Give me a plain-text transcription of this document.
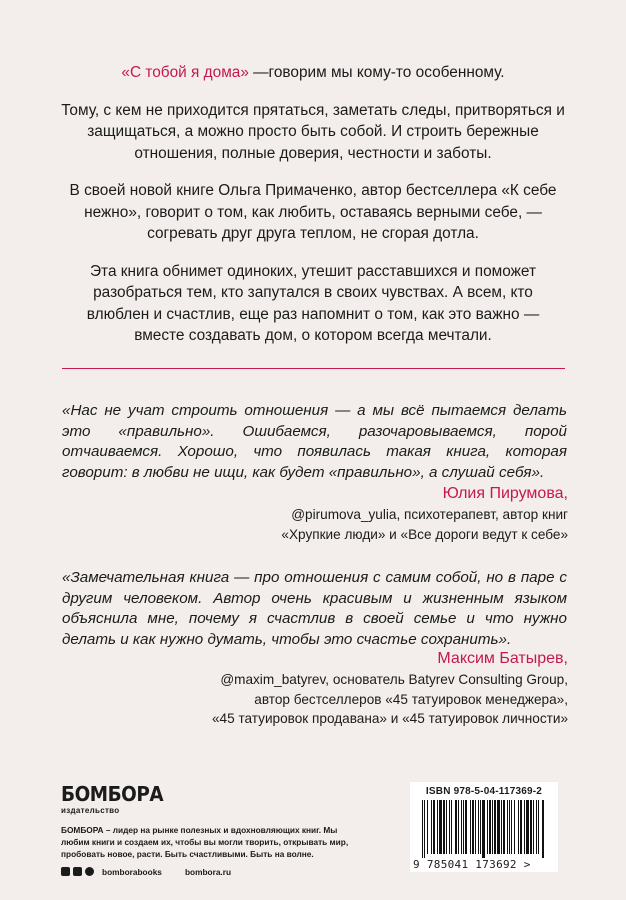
«С тобой я дома» —говорим мы кому-то особенному.

Тому, с кем не приходится прятаться, заметать следы, притворяться и защищаться, а можно просто быть собой. И строить бережные отношения, полные доверия, честности и заботы.

В своей новой книге Ольга Примаченко, автор бестселлера «К себе нежно», говорит о том, как любить, оставаясь верными себе, — согревать друг друга теплом, не сгорая дотла.

Эта книга обнимет одиноких, утешит расставшихся и поможет разобраться тем, кто запутался в своих чувствах. А всем, кто влюблен и счастлив, еще раз напомнит о том, как это важно — вместе создавать дом, о котором всегда мечтали.

«Нас не учат строить отношения — а мы всё пытаемся делать это «правильно». Ошибаемся, разочаровываемся, порой отчаиваемся. Хорошо, что появилась такая книга, которая говорит: в любви не ищи, как будет «правильно», а слушай себя».
Юлия Пирумова,
@pirumova_yulia, психотерапевт, автор книг
«Хрупкие люди» и «Все дороги ведут к себе»
«Замечательная книга — про отношения с самим собой, но в паре с другим человеком. Автор очень красивым и жизненным языком объяснила мне, почему я счастлив в своей семье и что нужно делать и как нужно думать, чтобы это счастье сохранить».
Максим Батырев,
@maxim_batyrev, основатель Batyrev Consulting Group,
автор бестселлеров «45 татуировок менеджера»,
«45 татуировок продавана» и «45 татуировок личности»
БОМБОРА
издательство
БОМБОРА – лидер на рынке полезных и вдохновляющих книг. Мы любим книги и создаем их, чтобы вы могли творить, открывать мир, пробовать новое, расти. Быть счастливыми. Быть на волне.
bomborabooks	bombora.ru
ISBN 978-5-04-117369-2
9 785041 173692 >
